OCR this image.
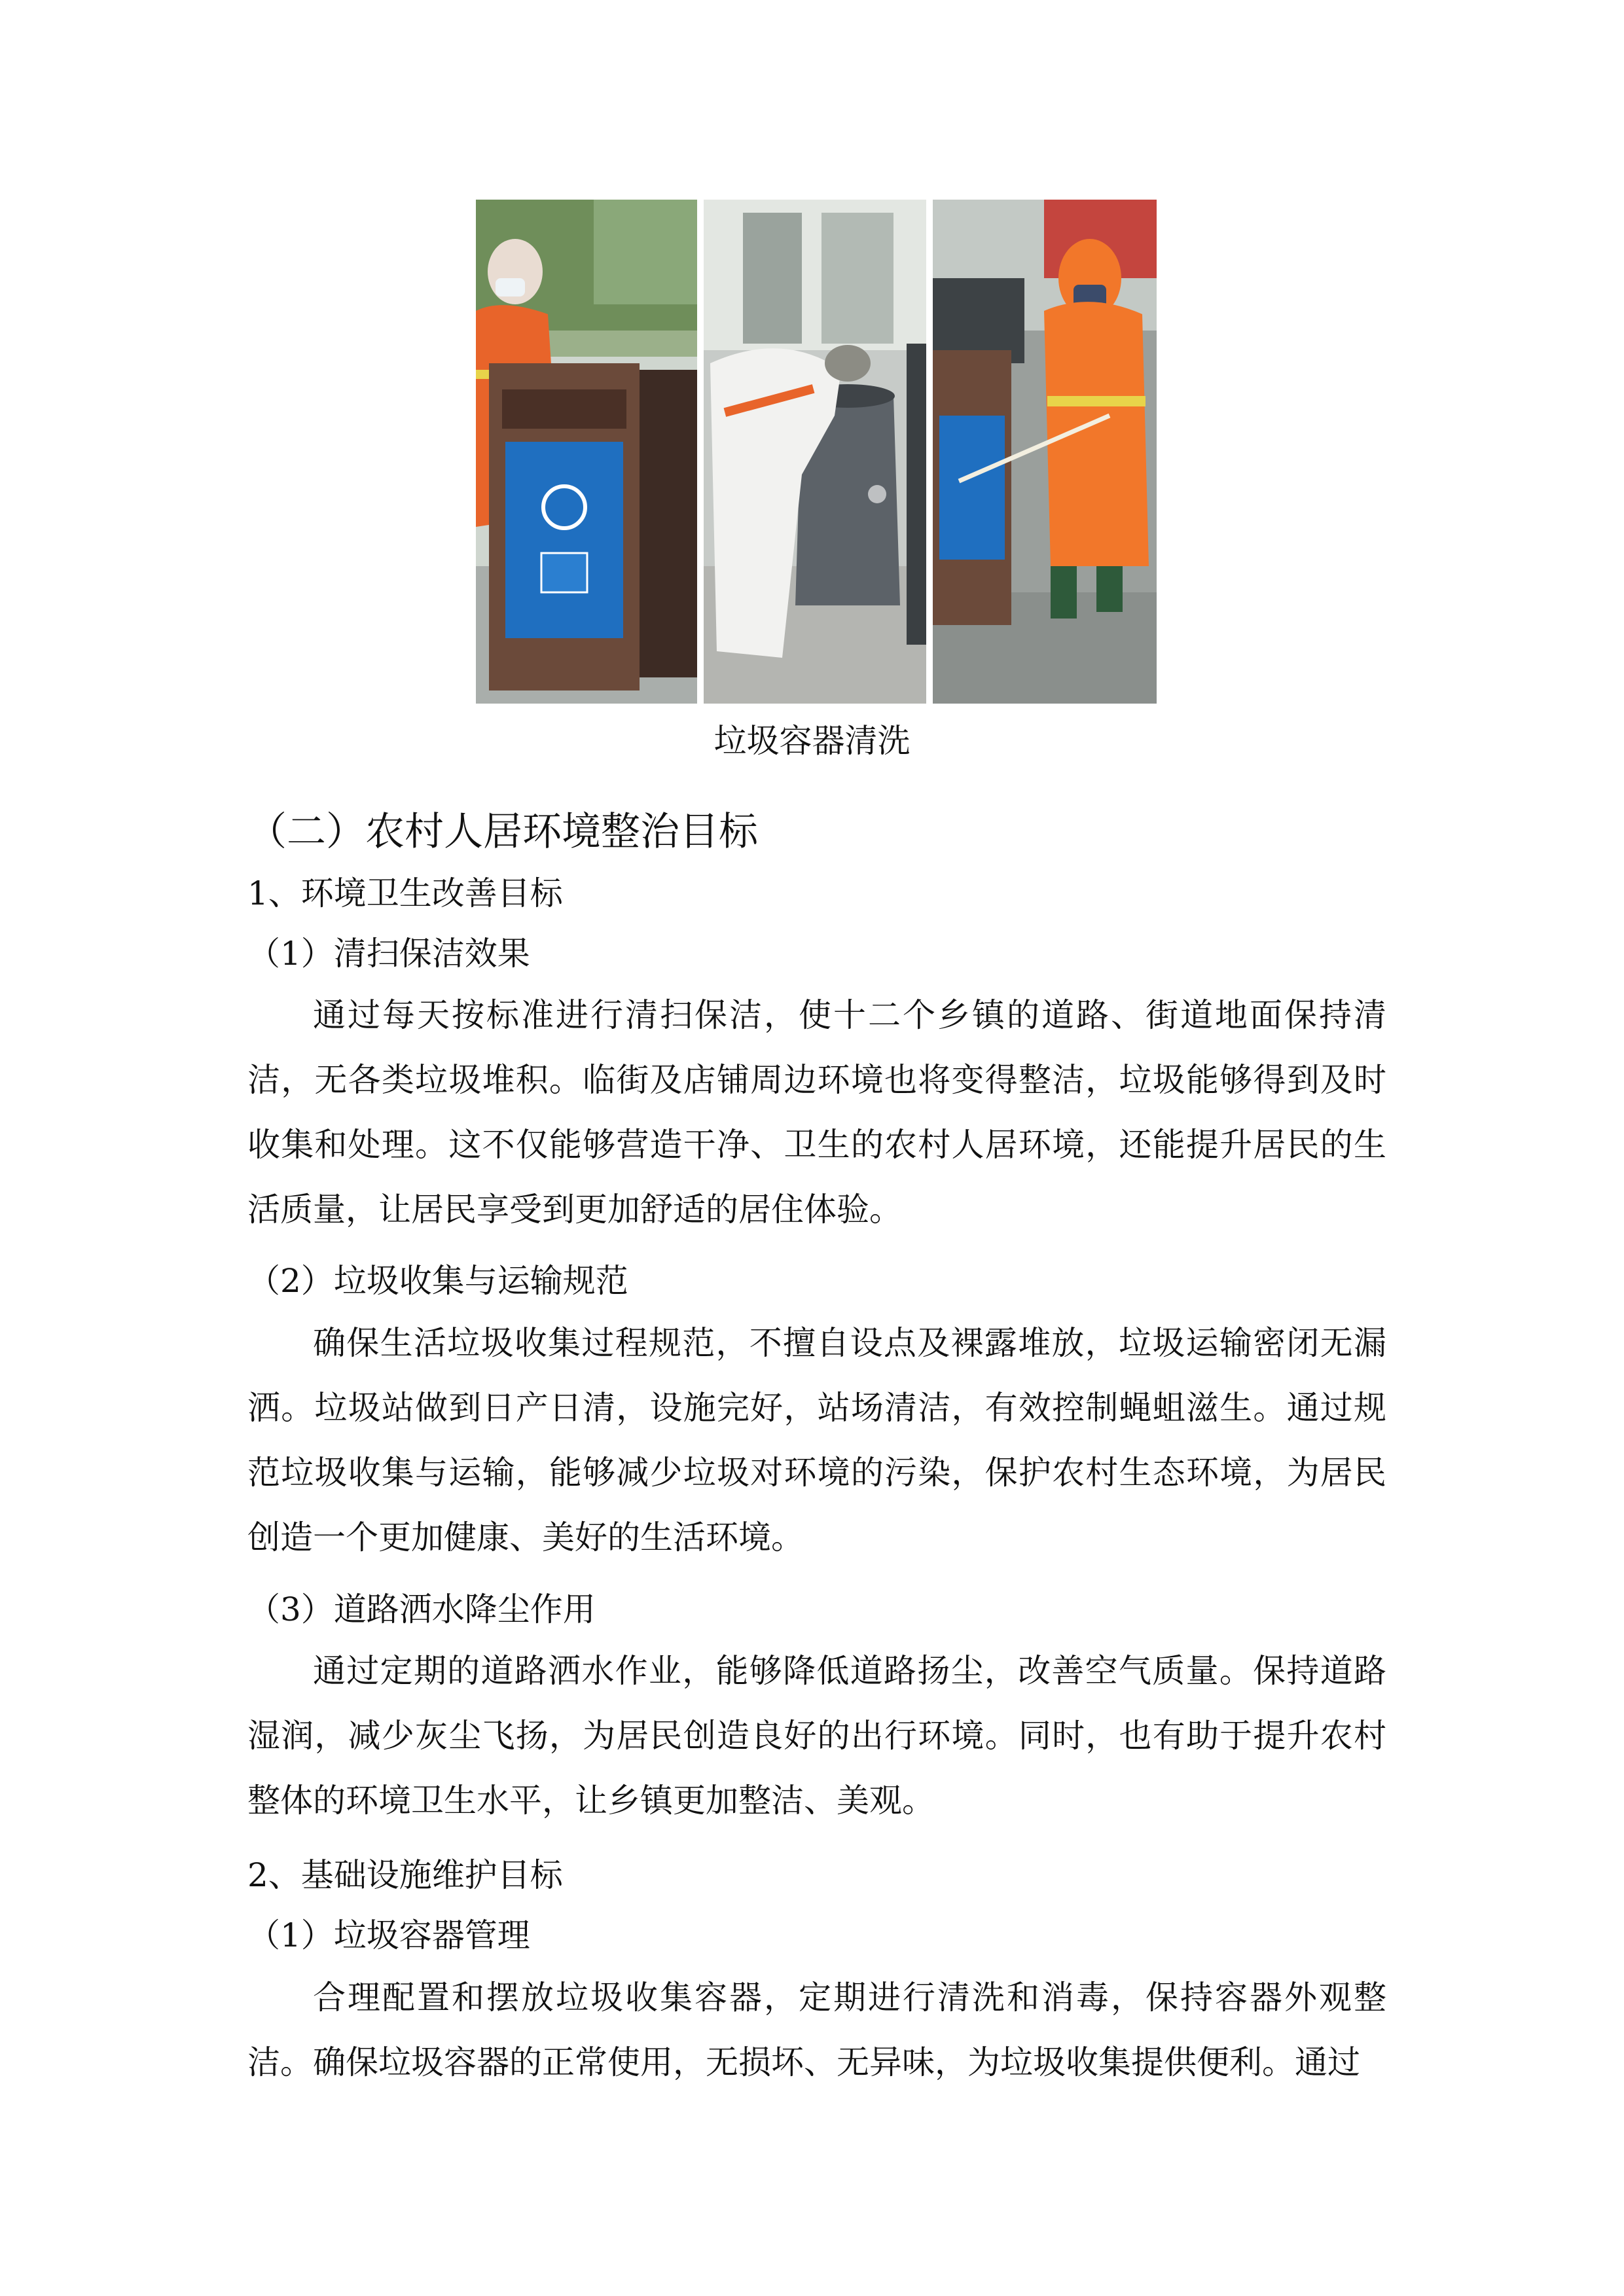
垃圾容器清洗
（二）农村人居环境整治目标
1、环境卫生改善目标
（1）清扫保洁效果
通过每天按标准进行清扫保洁，使十二个乡镇的道路、街道地面保持清洁，无各类垃圾堆积。临街及店铺周边环境也将变得整洁，垃圾能够得到及时收集和处理。这不仅能够营造干净、卫生的农村人居环境，还能提升居民的生活质量，让居民享受到更加舒适的居住体验。
（2）垃圾收集与运输规范
确保生活垃圾收集过程规范，不擅自设点及裸露堆放，垃圾运输密闭无漏洒。垃圾站做到日产日清，设施完好，站场清洁，有效控制蝇蛆滋生。通过规范垃圾收集与运输，能够减少垃圾对环境的污染，保护农村生态环境，为居民创造一个更加健康、美好的生活环境。
（3）道路洒水降尘作用
通过定期的道路洒水作业，能够降低道路扬尘，改善空气质量。保持道路湿润，减少灰尘飞扬，为居民创造良好的出行环境。同时，也有助于提升农村整体的环境卫生水平，让乡镇更加整洁、美观。
2、基础设施维护目标
（1）垃圾容器管理
合理配置和摆放垃圾收集容器，定期进行清洗和消毒，保持容器外观整洁。确保垃圾容器的正常使用，无损坏、无异味，为垃圾收集提供便利。通过
